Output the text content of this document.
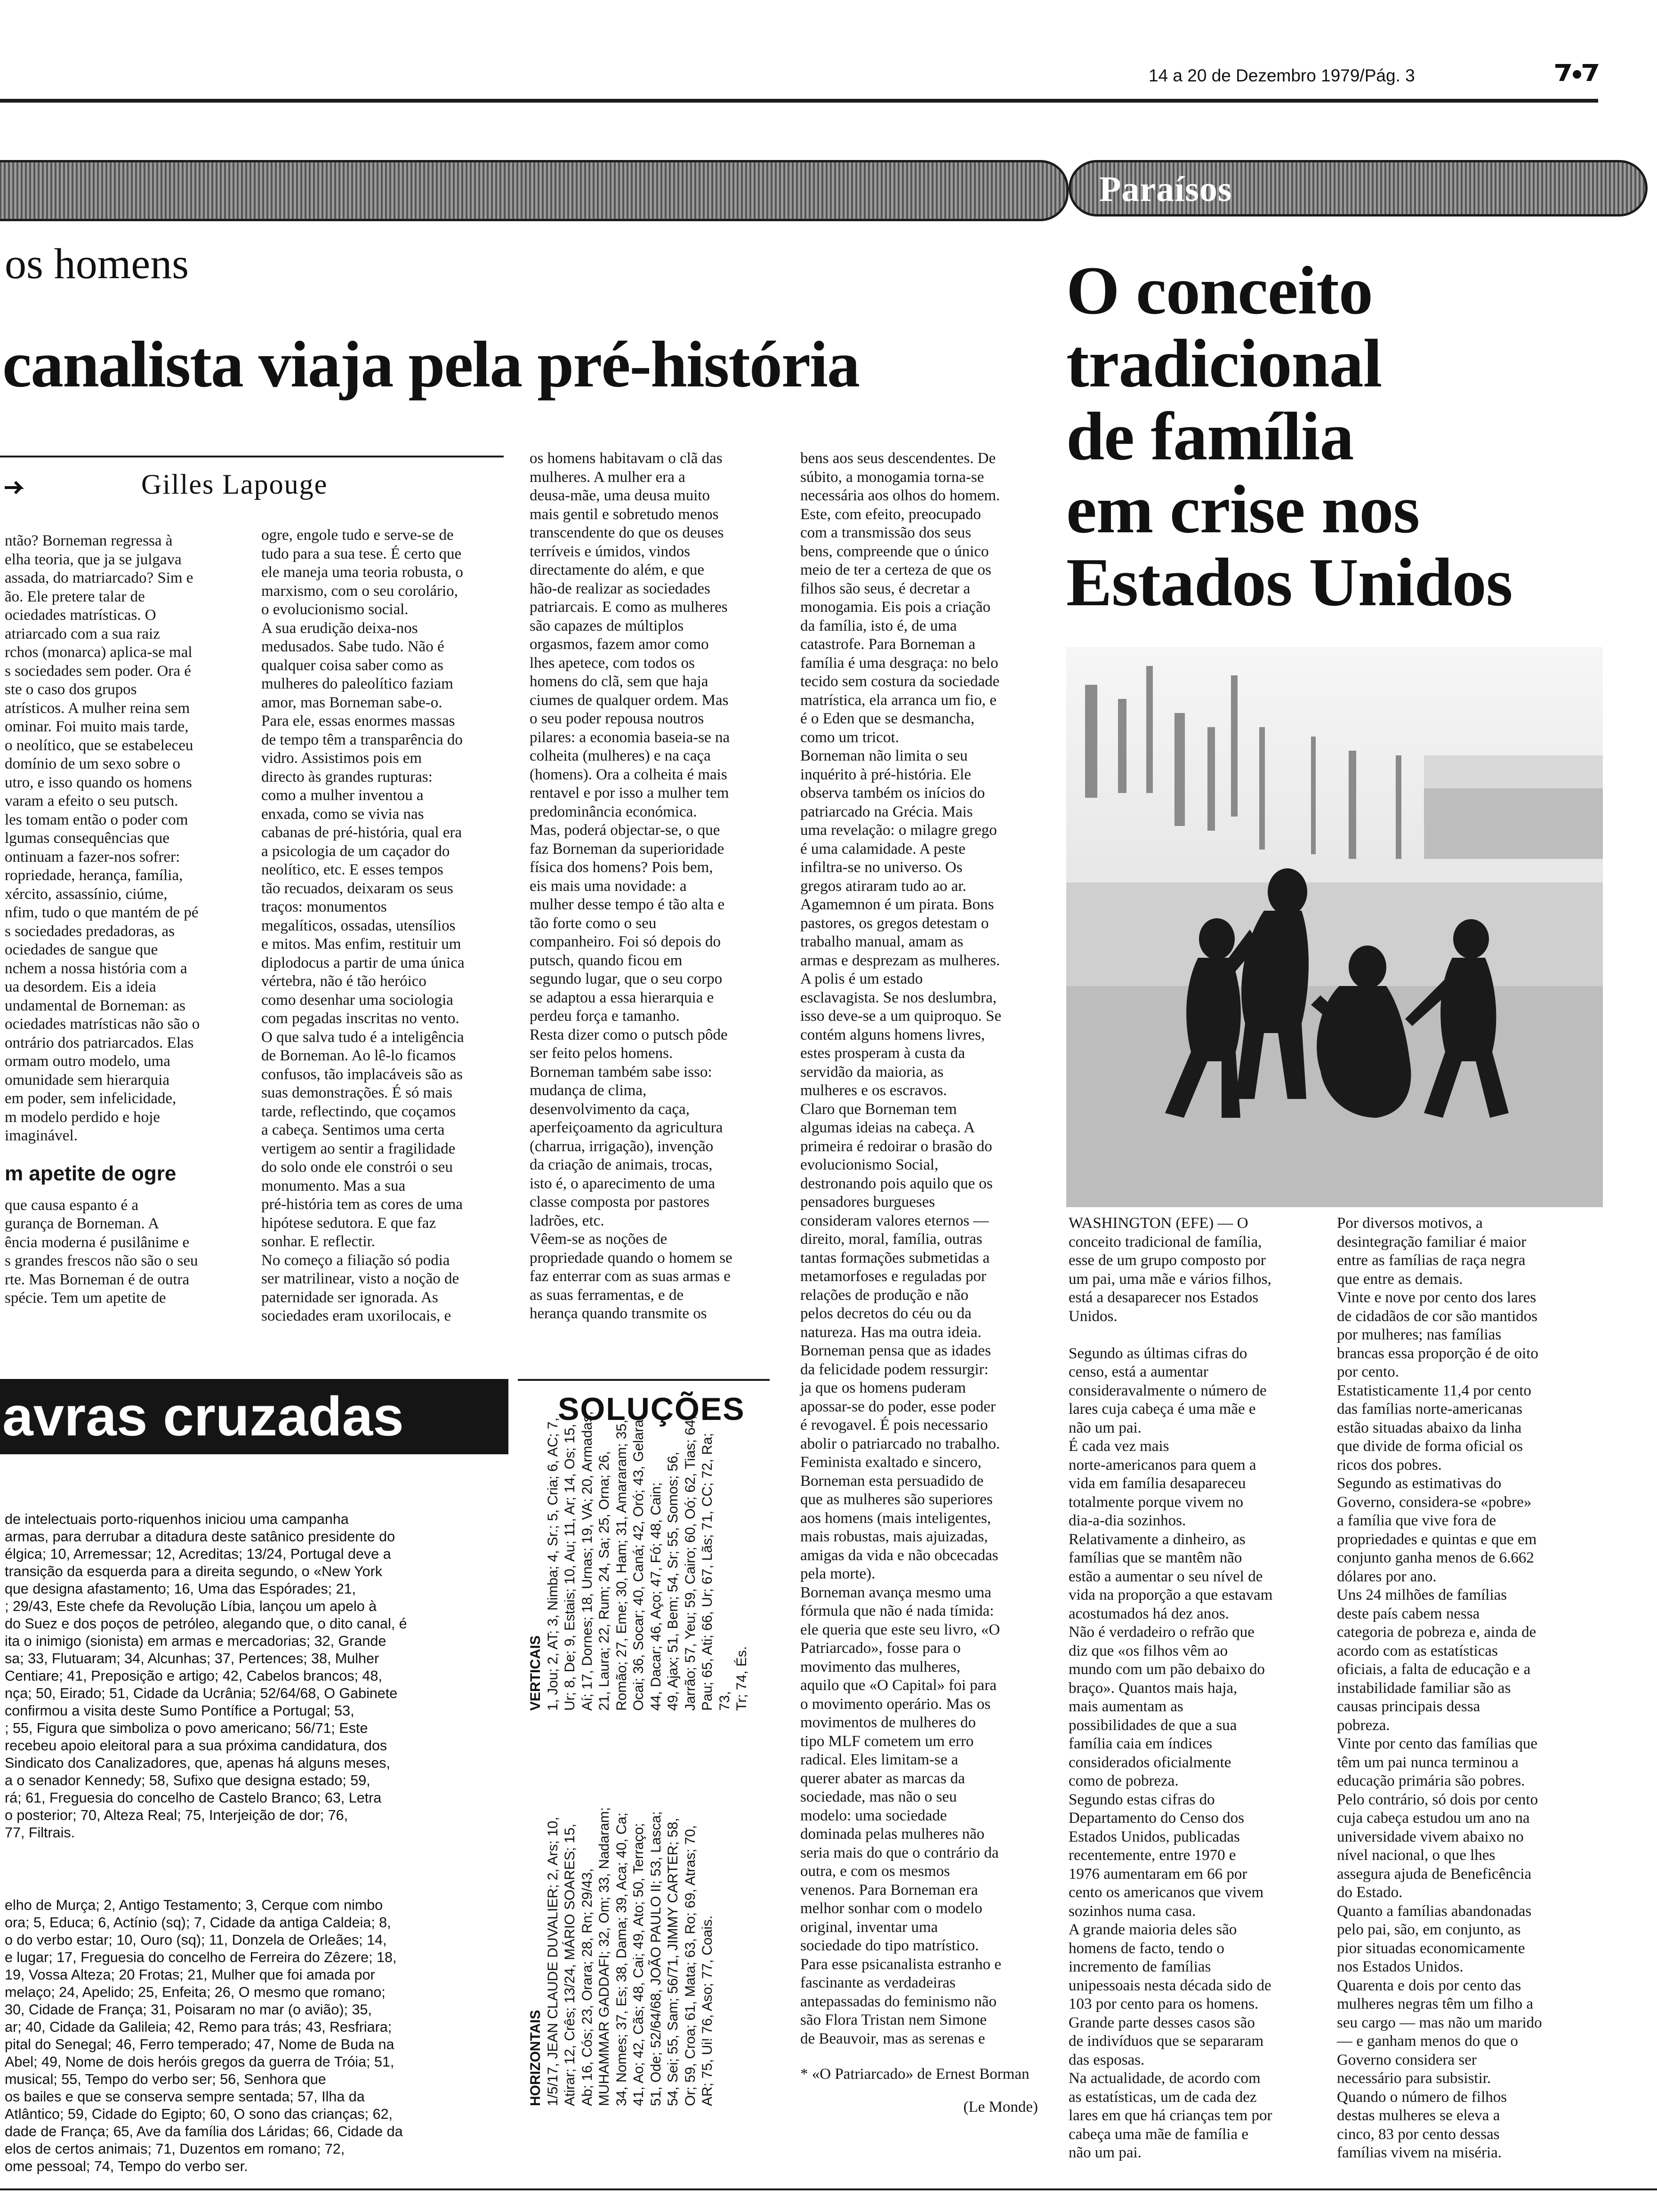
14 a 20 de Dezembro 1979/Pág. 3
os homens
canalista viaja pela pré-história
Gilles Lapouge

ntão? Borneman regressa à

elha teoria, que ja se julgava

assada, do matriarcado? Sim e

ão. Ele pretere talar de

ociedades matrísticas. O

atriarcado com a sua raiz

rchos (monarca) aplica-se mal

s sociedades sem poder. Ora é

ste o caso dos grupos

atrísticos. A mulher reina sem

ominar. Foi muito mais tarde,

o neolítico, que se estabeleceu

domínio de um sexo sobre o

utro, e isso quando os homens

varam a efeito o seu putsch.

les tomam então o poder com

lgumas consequências que

ontinuam a fazer-nos sofrer:

ropriedade, herança, família,

xército, assassínio, ciúme,

nfim, tudo o que mantém de pé

s sociedades predadoras, as

ociedades de sangue que

nchem a nossa história com a

ua desordem. Eis a ideia

undamental de Borneman: as

ociedades matrísticas não são o

ontrário dos patriarcados. Elas

ormam outro modelo, uma

omunidade sem hierarquia

em poder, sem infelicidade,

m modelo perdido e hoje

imaginável.

m apetite de ogre

que causa espanto é a

gurança de Borneman. A

ência moderna é pusilânime e

s grandes frescos não são o seu

rte. Mas Borneman é de outra

spécie. Tem um apetite de

ogre, engole tudo e serve-se de

tudo para a sua tese. É certo que

ele maneja uma teoria robusta, o

marxismo, com o seu corolário,

o evolucionismo social.

A sua erudição deixa-nos

medusados. Sabe tudo. Não é

qualquer coisa saber como as

mulheres do paleolítico faziam

amor, mas Borneman sabe-o.

Para ele, essas enormes massas

de tempo têm a transparência do

vidro. Assistimos pois em

directo às grandes rupturas:

como a mulher inventou a

enxada, como se vivia nas

cabanas de pré-história, qual era

a psicologia de um caçador do

neolítico, etc. E esses tempos

tão recuados, deixaram os seus

traços: monumentos

megalíticos, ossadas, utensílios

e mitos. Mas enfim, restituir um

diplodocus a partir de uma única

vértebra, não é tão heróico

como desenhar uma sociologia

com pegadas inscritas no vento.

O que salva tudo é a inteligência

de Borneman. Ao lê-lo ficamos

confusos, tão implacáveis são as

suas demonstrações. É só mais

tarde, reflectindo, que coçamos

a cabeça. Sentimos uma certa

vertigem ao sentir a fragilidade

do solo onde ele constrói o seu

monumento. Mas a sua

pré-história tem as cores de uma

hipótese sedutora. E que faz

sonhar. E reflectir.

No começo a filiação só podia

ser matrilinear, visto a noção de

paternidade ser ignorada. As

sociedades eram uxorilocais, e

os homens habitavam o clã das

mulheres. A mulher era a

deusa-mãe, uma deusa muito

mais gentil e sobretudo menos

transcendente do que os deuses

terríveis e úmidos, vindos

directamente do além, e que

hão-de realizar as sociedades

patriarcais. E como as mulheres

são capazes de múltiplos

orgasmos, fazem amor como

lhes apetece, com todos os

homens do clã, sem que haja

ciumes de qualquer ordem. Mas

o seu poder repousa noutros

pilares: a economia baseia-se na

colheita (mulheres) e na caça

(homens). Ora a colheita é mais

rentavel e por isso a mulher tem

predominância económica.

Mas, poderá objectar-se, o que

faz Borneman da superioridade

física dos homens? Pois bem,

eis mais uma novidade: a

mulher desse tempo é tão alta e

tão forte como o seu

companheiro. Foi só depois do

putsch, quando ficou em

segundo lugar, que o seu corpo

se adaptou a essa hierarquia e

perdeu força e tamanho.

Resta dizer como o putsch pôde

ser feito pelos homens.

Borneman também sabe isso:

mudança de clima,

desenvolvimento da caça,

aperfeiçoamento da agricultura

(charrua, irrigação), invenção

da criação de animais, trocas,

isto é, o aparecimento de uma

classe composta por pastores

ladrões, etc.

Vêem-se as noções de

propriedade quando o homem se

faz enterrar com as suas armas e

as suas ferramentas, e de

herança quando transmite os

bens aos seus descendentes. De

súbito, a monogamia torna-se

necessária aos olhos do homem.

Este, com efeito, preocupado

com a transmissão dos seus

bens, compreende que o único

meio de ter a certeza de que os

filhos são seus, é decretar a

monogamia. Eis pois a criação

da família, isto é, de uma

catastrofe. Para Borneman a

família é uma desgraça: no belo

tecido sem costura da sociedade

matrística, ela arranca um fio, e

é o Eden que se desmancha,

como um tricot.

Borneman não limita o seu

inquérito à pré-história. Ele

observa também os inícios do

patriarcado na Grécia. Mais

uma revelação: o milagre grego

é uma calamidade. A peste

infiltra-se no universo. Os

gregos atiraram tudo ao ar.

Agamemnon é um pirata. Bons

pastores, os gregos detestam o

trabalho manual, amam as

armas e desprezam as mulheres.

A polis é um estado

esclavagista. Se nos deslumbra,

isso deve-se a um quiproquo. Se

contém alguns homens livres,

estes prosperam à custa da

servidão da maioria, as

mulheres e os escravos.

Claro que Borneman tem

algumas ideias na cabeça. A

primeira é redoirar o brasão do

evolucionismo Social,

destronando pois aquilo que os

pensadores burgueses

consideram valores eternos —

direito, moral, família, outras

tantas formações submetidas a

metamorfoses e reguladas por

relações de produção e não

pelos decretos do céu ou da

natureza. Has ma outra ideia.

Borneman pensa que as idades

da felicidade podem ressurgir:

ja que os homens puderam

apossar-se do poder, esse poder

é revogavel. É pois necessario

abolir o patriarcado no trabalho.

Feminista exaltado e sincero,

Borneman esta persuadido de

que as mulheres são superiores

aos homens (mais inteligentes,

mais robustas, mais ajuizadas,

amigas da vida e não obcecadas

pela morte).

Borneman avança mesmo uma

fórmula que não é nada tímida:

ele queria que este seu livro, «O

Patriarcado», fosse para o

movimento das mulheres,

aquilo que «O Capital» foi para

o movimento operário. Mas os

movimentos de mulheres do

tipo MLF cometem um erro

radical. Eles limitam-se a

querer abater as marcas da

sociedade, mas não o seu

modelo: uma sociedade

dominada pelas mulheres não

seria mais do que o contrário da

outra, e com os mesmos

venenos. Para Borneman era

melhor sonhar com o modelo

original, inventar uma

sociedade do tipo matrístico.

Para esse psicanalista estranho e

fascinante as verdadeiras

antepassadas do feminismo não

são Flora Tristan nem Simone

de Beauvoir, mas as serenas e

* «O Patriarcado» de Ernest Borman

(Le Monde)

avras cruzadas	SOLUÇÕES

de intelectuais porto-riquenhos iniciou uma campanha

armas, para derrubar a ditadura deste satânico presidente do

élgica; 10, Arremessar; 12, Acreditas; 13/24, Portugal deve a

transição da esquerda para a direita segundo, o «New York

que designa afastamento; 16, Uma das Espórades; 21,

; 29/43, Este chefe da Revolução Líbia, lançou um apelo à

do Suez e dos poços de petróleo, alegando que, o dito canal, é

ita o inimigo (sionista) em armas e mercadorias; 32, Grande

sa; 33, Flutuaram; 34, Alcunhas; 37, Pertences; 38, Mulher

Centiare; 41, Preposição e artigo; 42, Cabelos brancos; 48,

nça; 50, Eirado; 51, Cidade da Ucrânia; 52/64/68, O Gabinete

confirmou a visita deste Sumo Pontífice a Portugal; 53,

; 55, Figura que simboliza o povo americano; 56/71; Este

recebeu apoio eleitoral para a sua próxima candidatura, dos

Sindicato dos Canalizadores, que, apenas há alguns meses,

a o senador Kennedy; 58, Sufixo que designa estado; 59,

rá; 61, Freguesia do concelho de Castelo Branco; 63, Letra

o posterior; 70, Alteza Real; 75, Interjeição de dor; 76,

77, Filtrais.

elho de Murça; 2, Antigo Testamento; 3, Cerque com nimbo

ora; 5, Educa; 6, Actínio (sq); 7, Cidade da antiga Caldeia; 8,

o do verbo estar; 10, Ouro (sq); 11, Donzela de Orleães; 14,

e lugar; 17, Freguesia do concelho de Ferreira do Zêzere; 18,

19, Vossa Alteza; 20 Frotas; 21, Mulher que foi amada por

melaço; 24, Apelido; 25, Enfeita; 26, O mesmo que romano;

30, Cidade de França; 31, Poisaram no mar (o avião); 35,

ar; 40, Cidade da Galileia; 42, Remo para trás; 43, Resfriara;

pital do Senegal; 46, Ferro temperado; 47, Nome de Buda na

Abel; 49, Nome de dois heróis gregos da guerra de Tróia; 51,

musical; 55, Tempo do verbo ser; 56, Senhora que

os bailes e que se conserva sempre sentada; 57, Ilha da

Atlântico; 59, Cidade do Egipto; 60, O sono das crianças; 62,

dade de França; 65, Ave da família dos Láridas; 66, Cidade da

elos de certos animais; 71, Duzentos em romano; 72,

ome pessoal; 74, Tempo do verbo ser.

VERTICAIS 1, Jou; 2, AT; 3, Nimba; 4, Sr.; 5, Cria; 6, AC; 7, Ur; 8, De; 9, Estais; 10, Au; 11, Ar; 14, Os; 15, Aí; 17, Dornes; 18, Urnas; 19, VA; 20, Armadas; 21, Laura; 22, Rum; 24, Sa; 25, Orna; 26, Romão; 27, Eme; 30, Ham; 31, Amararam; 35, Ocai; 36, Socar; 40, Caná; 42, Oró; 43, Gelara; 44, Dacar; 46, Aço; 47, Fó; 48, Cain; 49, Ajax; 51, Bem; 54, Sr; 55, Somos; 56, Jarrão; 57, Yeu; 59, Cairo; 60, Oó; 62, Tias; 64, Pau; 65, Ati; 66, Ur; 67, Lãs; 71, CC; 72, Ra; 73, Tr; 74, És.

HORIZONTAIS 1/5/17, JEAN CLAUDE DUVALIER; 2, Ars; 10, Atirar; 12, Crês; 13/24, MÁRIO SOARES; 15, Ab; 16, Cós; 23, Orara; 28, Rn; 29/43, MUHAMMAR GADDAFI; 32, Om; 33, Nadaram; 34, Nomes; 37, Es; 38, Dama; 39, Aca; 40, Ca; 41, Ao; 42, Cãs; 48, Cai; 49, Ato; 50, Terraço; 51, Ode; 52/64/68, JOÃO PAULO II; 53, Lasca; 54, Sei; 55, Sam; 56/71, JIMMY CARTER; 58, Or; 59, Croa; 61, Mata; 63, Ro; 69, Atras; 70, AR; 75, Ui! 76, Aso; 77, Coais.

Paraísos
O conceito
tradicional
de família
em crise nos
Estados Unidos

WASHINGTON (EFE) — O

conceito tradicional de família,

esse de um grupo composto por

um pai, uma mãe e vários filhos,

está a desaparecer nos Estados

Unidos.

Segundo as últimas cifras do

censo, está a aumentar

consideravalmente o número de

lares cuja cabeça é uma mãe e

não um pai.

É cada vez mais

norte-americanos para quem a

vida em família desapareceu

totalmente porque vivem no

dia-a-dia sozinhos.

Relativamente a dinheiro, as

famílias que se mantêm não

estão a aumentar o seu nível de

vida na proporção a que estavam

acostumados há dez anos.

Não é verdadeiro o refrão que

diz que «os filhos vêm ao

mundo com um pão debaixo do

braço». Quantos mais haja,

mais aumentam as

possibilidades de que a sua

família caia em índices

considerados oficialmente

como de pobreza.

Segundo estas cifras do

Departamento do Censo dos

Estados Unidos, publicadas

recentemente, entre 1970 e

1976 aumentaram em 66 por

cento os americanos que vivem

sozinhos numa casa.

A grande maioria deles são

homens de facto, tendo o

incremento de famílias

unipessoais nesta década sido de

103 por cento para os homens.

Grande parte desses casos são

de indivíduos que se separaram

das esposas.

Na actualidade, de acordo com

as estatísticas, um de cada dez

lares em que há crianças tem por

cabeça uma mãe de família e

não um pai.

Por diversos motivos, a

desintegração familiar é maior

entre as famílias de raça negra

que entre as demais.

Vinte e nove por cento dos lares

de cidadãos de cor são mantidos

por mulheres; nas famílias

brancas essa proporção é de oito

por cento.

Estatisticamente 11,4 por cento

das famílias norte-americanas

estão situadas abaixo da linha

que divide de forma oficial os

ricos dos pobres.

Segundo as estimativas do

Governo, considera-se «pobre»

a família que vive fora de

propriedades e quintas e que em

conjunto ganha menos de 6.662

dólares por ano.

Uns 24 milhões de famílias

deste país cabem nessa

categoria de pobreza e, ainda de

acordo com as estatísticas

oficiais, a falta de educação e a

instabilidade familiar são as

causas principais dessa

pobreza.

Vinte por cento das famílias que

têm um pai nunca terminou a

educação primária são pobres.

Pelo contrário, só dois por cento

cuja cabeça estudou um ano na

universidade vivem abaixo no

nível nacional, o que lhes

assegura ajuda de Beneficência

do Estado.

Quanto a famílias abandonadas

pelo pai, são, em conjunto, as

pior situadas economicamente

nos Estados Unidos.

Quarenta e dois por cento das

mulheres negras têm um filho a

seu cargo — mas não um marido

— e ganham menos do que o

Governo considera ser

necessário para subsistir.

Quando o número de filhos

destas mulheres se eleva a

cinco, 83 por cento dessas

famílias vivem na miséria.
